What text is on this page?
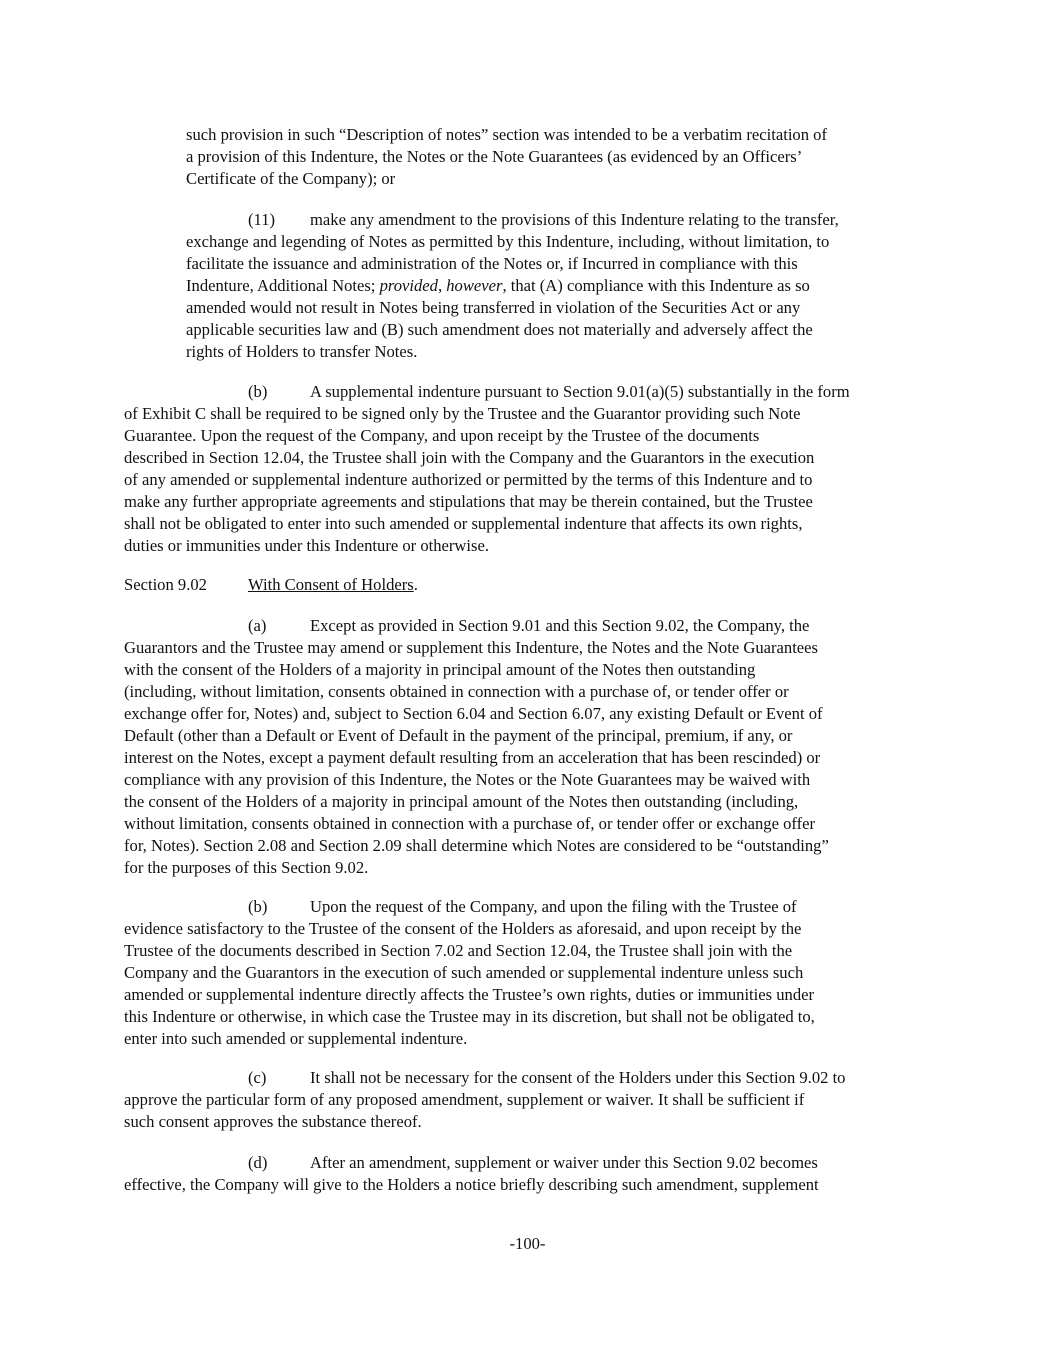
such provision in such “Description of notes” section was intended to be a verbatim recitation of
a provision of this Indenture, the Notes or the Note Guarantees (as evidenced by an Officers’
Certificate of the Company); or

(11) make any amendment to the provisions of this Indenture relating to the transfer,
exchange and legending of Notes as permitted by this Indenture, including, without limitation, to
facilitate the issuance and administration of the Notes or, if Incurred in compliance with this
Indenture, Additional Notes; provided, however, that (A) compliance with this Indenture as so
amended would not result in Notes being transferred in violation of the Securities Act or any
applicable securities law and (B) such amendment does not materially and adversely affect the
rights of Holders to transfer Notes.

(b)	A supplemental indenture pursuant to Section 9.01(a)(5) substantially in the form
of Exhibit C shall be required to be signed only by the Trustee and the Guarantor providing such Note
Guarantee. Upon the request of the Company, and upon receipt by the Trustee of the documents
described in Section 12.04, the Trustee shall join with the Company and the Guarantors in the execution
of any amended or supplemental indenture authorized or permitted by the terms of this Indenture and to
make any further appropriate agreements and stipulations that may be therein contained, but the Trustee
shall not be obligated to enter into such amended or supplemental indenture that affects its own rights,
duties or immunities under this Indenture or otherwise.

Section 9.02 With Consent of Holders.

(a)	Except as provided in Section 9.01 and this Section 9.02, the Company, the
Guarantors and the Trustee may amend or supplement this Indenture, the Notes and the Note Guarantees
with the consent of the Holders of a majority in principal amount of the Notes then outstanding
(including, without limitation, consents obtained in connection with a purchase of, or tender offer or
exchange offer for, Notes) and, subject to Section 6.04 and Section 6.07, any existing Default or Event of
Default (other than a Default or Event of Default in the payment of the principal, premium, if any, or
interest on the Notes, except a payment default resulting from an acceleration that has been rescinded) or
compliance with any provision of this Indenture, the Notes or the Note Guarantees may be waived with
the consent of the Holders of a majority in principal amount of the Notes then outstanding (including,
without limitation, consents obtained in connection with a purchase of, or tender offer or exchange offer
for, Notes). Section 2.08 and Section 2.09 shall determine which Notes are considered to be “outstanding”
for the purposes of this Section 9.02.

(b)	Upon the request of the Company, and upon the filing with the Trustee of
evidence satisfactory to the Trustee of the consent of the Holders as aforesaid, and upon receipt by the
Trustee of the documents described in Section 7.02 and Section 12.04, the Trustee shall join with the
Company and the Guarantors in the execution of such amended or supplemental indenture unless such
amended or supplemental indenture directly affects the Trustee’s own rights, duties or immunities under
this Indenture or otherwise, in which case the Trustee may in its discretion, but shall not be obligated to,
enter into such amended or supplemental indenture.

(c)	It shall not be necessary for the consent of the Holders under this Section 9.02 to
approve the particular form of any proposed amendment, supplement or waiver. It shall be sufficient if
such consent approves the substance thereof.

(d)	After an amendment, supplement or waiver under this Section 9.02 becomes
effective, the Company will give to the Holders a notice briefly describing such amendment, supplement

-100-
